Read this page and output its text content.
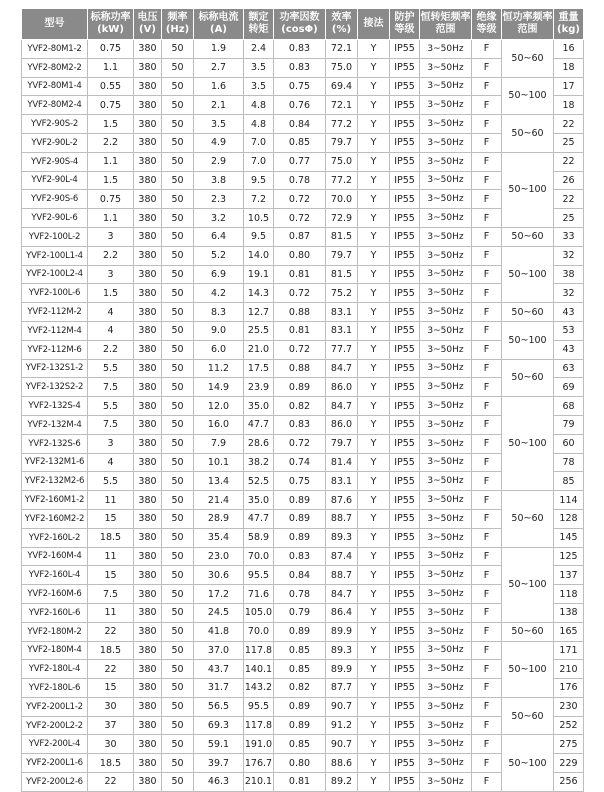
型号	标称功率(kW)	电压(V)	频率(Hz)	标称电流(A)	额定转矩	功率因数(cosΦ)	效率(%)	接法	防护等级	恒转矩频率范围	绝缘等级	恒功率频率范围	重量(kg)
YVF2-80M1-2	0.75	380	50	1.9	2.4	0.83	72.1	Y	IP55	3~50Hz	F	50~60	16
YVF2-80M2-2	1.1	380	50	2.7	3.5	0.83	75.0	Y	IP55	3~50Hz	F		18
YVF2-80M1-4	0.55	380	50	1.6	3.5	0.75	69.4	Y	IP55	3~50Hz	F	50~100	17
YVF2-80M2-4	0.75	380	50	2.1	4.8	0.76	72.1	Y	IP55	3~50Hz	F		18
YVF2-90S-2	1.5	380	50	3.5	4.8	0.84	77.2	Y	IP55	3~50Hz	F	50~60	22
YVF2-90L-2	2.2	380	50	4.9	7.0	0.85	79.7	Y	IP55	3~50Hz	F		25
YVF2-90S-4	1.1	380	50	2.9	7.0	0.77	75.0	Y	IP55	3~50Hz	F	50~100	22
YVF2-90L-4	1.5	380	50	3.8	9.5	0.78	77.2	Y	IP55	3~50Hz	F		26
YVF2-90S-6	0.75	380	50	2.3	7.2	0.72	70.0	Y	IP55	3~50Hz	F		22
YVF2-90L-6	1.1	380	50	3.2	10.5	0.72	72.9	Y	IP55	3~50Hz	F		25
YVF2-100L-2	3	380	50	6.4	9.5	0.87	81.5	Y	IP55	3~50Hz	F	50~60	33
YVF2-100L1-4	2.2	380	50	5.2	14.0	0.80	79.7	Y	IP55	3~50Hz	F	50~100	32
YVF2-100L2-4	3	380	50	6.9	19.1	0.81	81.5	Y	IP55	3~50Hz	F		38
YVF2-100L-6	1.5	380	50	4.2	14.3	0.72	75.2	Y	IP55	3~50Hz	F		32
YVF2-112M-2	4	380	50	8.3	12.7	0.88	83.1	Y	IP55	3~50Hz	F	50~60	43
YVF2-112M-4	4	380	50	9.0	25.5	0.81	83.1	Y	IP55	3~50Hz	F	50~100	53
YVF2-112M-6	2.2	380	50	6.0	21.0	0.72	77.7	Y	IP55	3~50Hz	F		43
YVF2-132S1-2	5.5	380	50	11.2	17.5	0.88	84.7	Y	IP55	3~50Hz	F	50~60	63
YVF2-132S2-2	7.5	380	50	14.9	23.9	0.89	86.0	Y	IP55	3~50Hz	F		69
YVF2-132S-4	5.5	380	50	12.0	35.0	0.82	84.7	Y	IP55	3~50Hz	F	50~100	68
YVF2-132M-4	7.5	380	50	16.0	47.7	0.83	86.0	Y	IP55	3~50Hz	F		79
YVF2-132S-6	3	380	50	7.9	28.6	0.72	79.7	Y	IP55	3~50Hz	F		60
YVF2-132M1-6	4	380	50	10.1	38.2	0.74	81.4	Y	IP55	3~50Hz	F		78
YVF2-132M2-6	5.5	380	50	13.4	52.5	0.75	83.1	Y	IP55	3~50Hz	F		85
YVF2-160M1-2	11	380	50	21.4	35.0	0.89	87.6	Y	IP55	3~50Hz	F	50~60	114
YVF2-160M2-2	15	380	50	28.9	47.7	0.89	88.7	Y	IP55	3~50Hz	F		128
YVF2-160L-2	18.5	380	50	35.4	58.9	0.89	89.3	Y	IP55	3~50Hz	F		145
YVF2-160M-4	11	380	50	23.0	70.0	0.83	87.4	Y	IP55	3~50Hz	F	50~100	125
YVF2-160L-4	15	380	50	30.6	95.5	0.84	88.7	Y	IP55	3~50Hz	F		137
YVF2-160M-6	7.5	380	50	17.2	71.6	0.78	84.7	Y	IP55	3~50Hz	F		118
YVF2-160L-6	11	380	50	24.5	105.0	0.79	86.4	Y	IP55	3~50Hz	F		138
YVF2-180M-2	22	380	50	41.8	70.0	0.89	89.9	Y	IP55	3~50Hz	F	50~60	165
YVF2-180M-4	18.5	380	50	37.0	117.8	0.85	89.3	Y	IP55	3~50Hz	F	50~100	171
YVF2-180L-4	22	380	50	43.7	140.1	0.85	89.9	Y	IP55	3~50Hz	F		210
YVF2-180L-6	15	380	50	31.7	143.2	0.82	87.7	Y	IP55	3~50Hz	F		176
YVF2-200L1-2	30	380	50	56.5	95.5	0.89	90.7	Y	IP55	3~50Hz	F	50~60	230
YVF2-200L2-2	37	380	50	69.3	117.8	0.89	91.2	Y	IP55	3~50Hz	F		252
YVF2-200L-4	30	380	50	59.1	191.0	0.85	90.7	Y	IP55	3~50Hz	F	50~100	275
YVF2-200L1-6	18.5	380	50	39.7	176.7	0.80	88.6	Y	IP55	3~50Hz	F		229
YVF2-200L2-6	22	380	50	46.3	210.1	0.81	89.2	Y	IP55	3~50Hz	F		256
